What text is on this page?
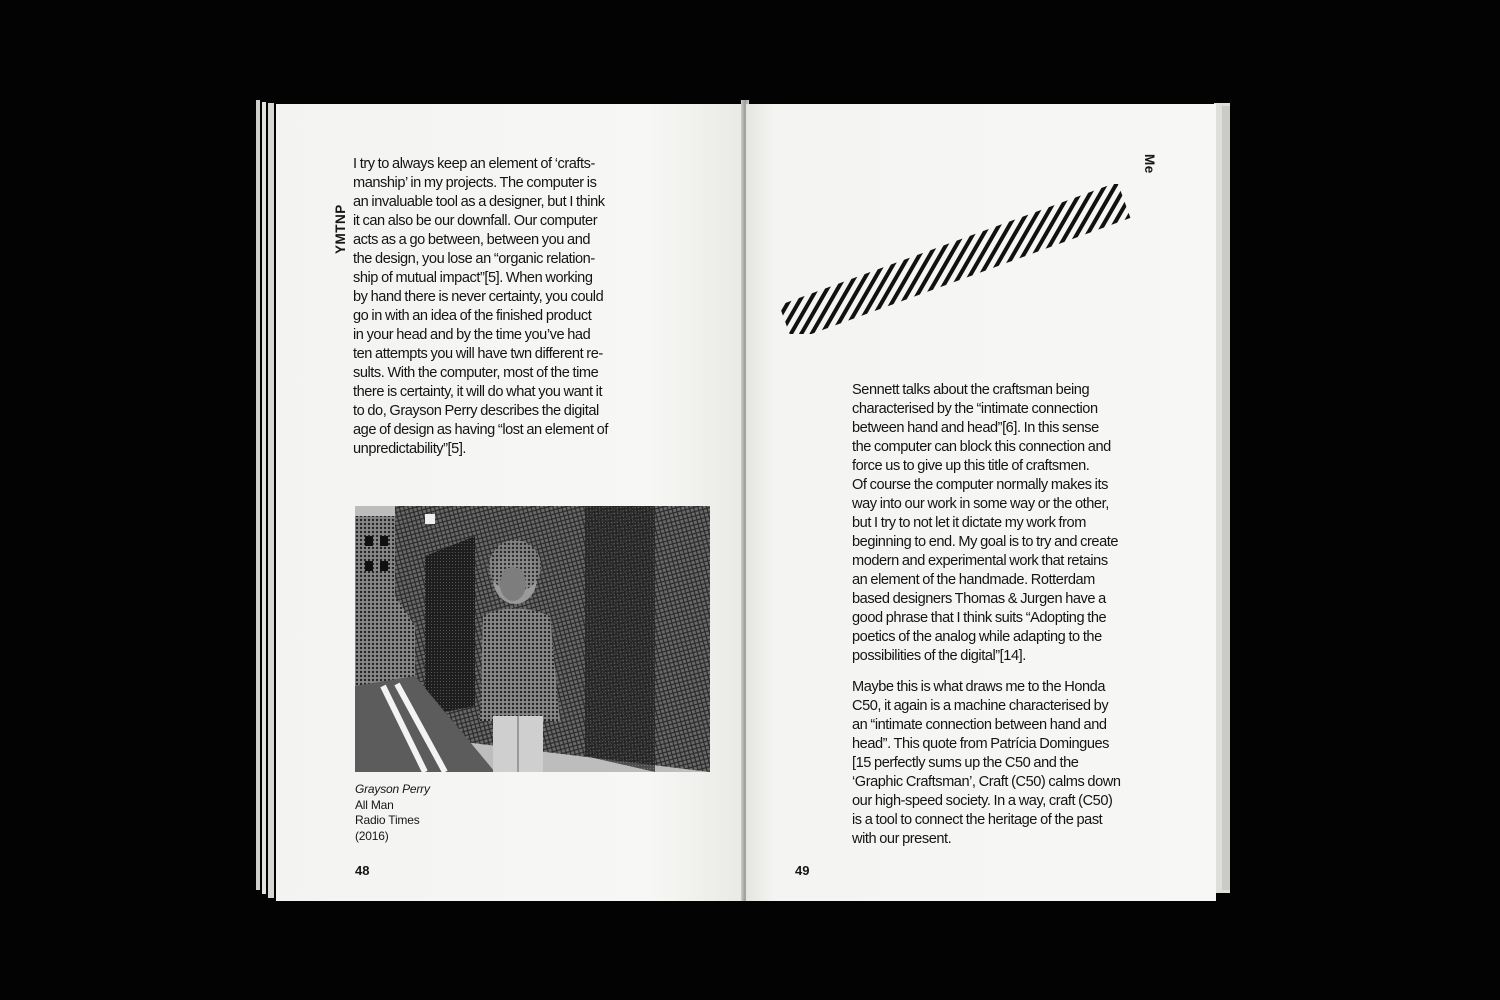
YMTNP
I try to always keep an element of ‘crafts-
manship’ in my projects. The computer is
an invaluable tool as a designer, but I think
it can also be our downfall. Our computer
acts as a go between, between you and
the design, you lose an “organic relation-
ship of mutual impact”[5]. When working
by hand there is never certainty, you could
go in with an idea of the finished product
in your head and by the time you’ve had
ten attempts you will have twn different re-
sults. With the computer, most of the time
there is certainty, it will do what you want it
to do, Grayson Perry describes the digital
age of design as having “lost an element of
unpredictability”[5].
Grayson Perry
All Man
Radio Times
(2016)
48
Me
Sennett talks about the craftsman being
characterised by the “intimate connection
between hand and head”[6]. In this sense
the computer can block this connection and
force us to give up this title of craftsmen.
Of course the computer normally makes its
way into our work in some way or the other,
but I try to not let it dictate my work from
beginning to end. My goal is to try and create
modern and experimental work that retains
an element of the handmade. Rotterdam
based designers Thomas & Jurgen have a
good phrase that I think suits “Adopting the
poetics of the analog while adapting to the
possibilities of the digital”[14].
Maybe this is what draws me to the Honda
C50, it again is a machine characterised by
an “intimate connection between hand and
head”. This quote from Patrícia Domingues
[15 perfectly sums up the C50 and the
‘Graphic Craftsman’, Craft (C50) calms down
our high-speed society. In a way, craft (C50)
is a tool to connect the heritage of the past
with our present.
49
